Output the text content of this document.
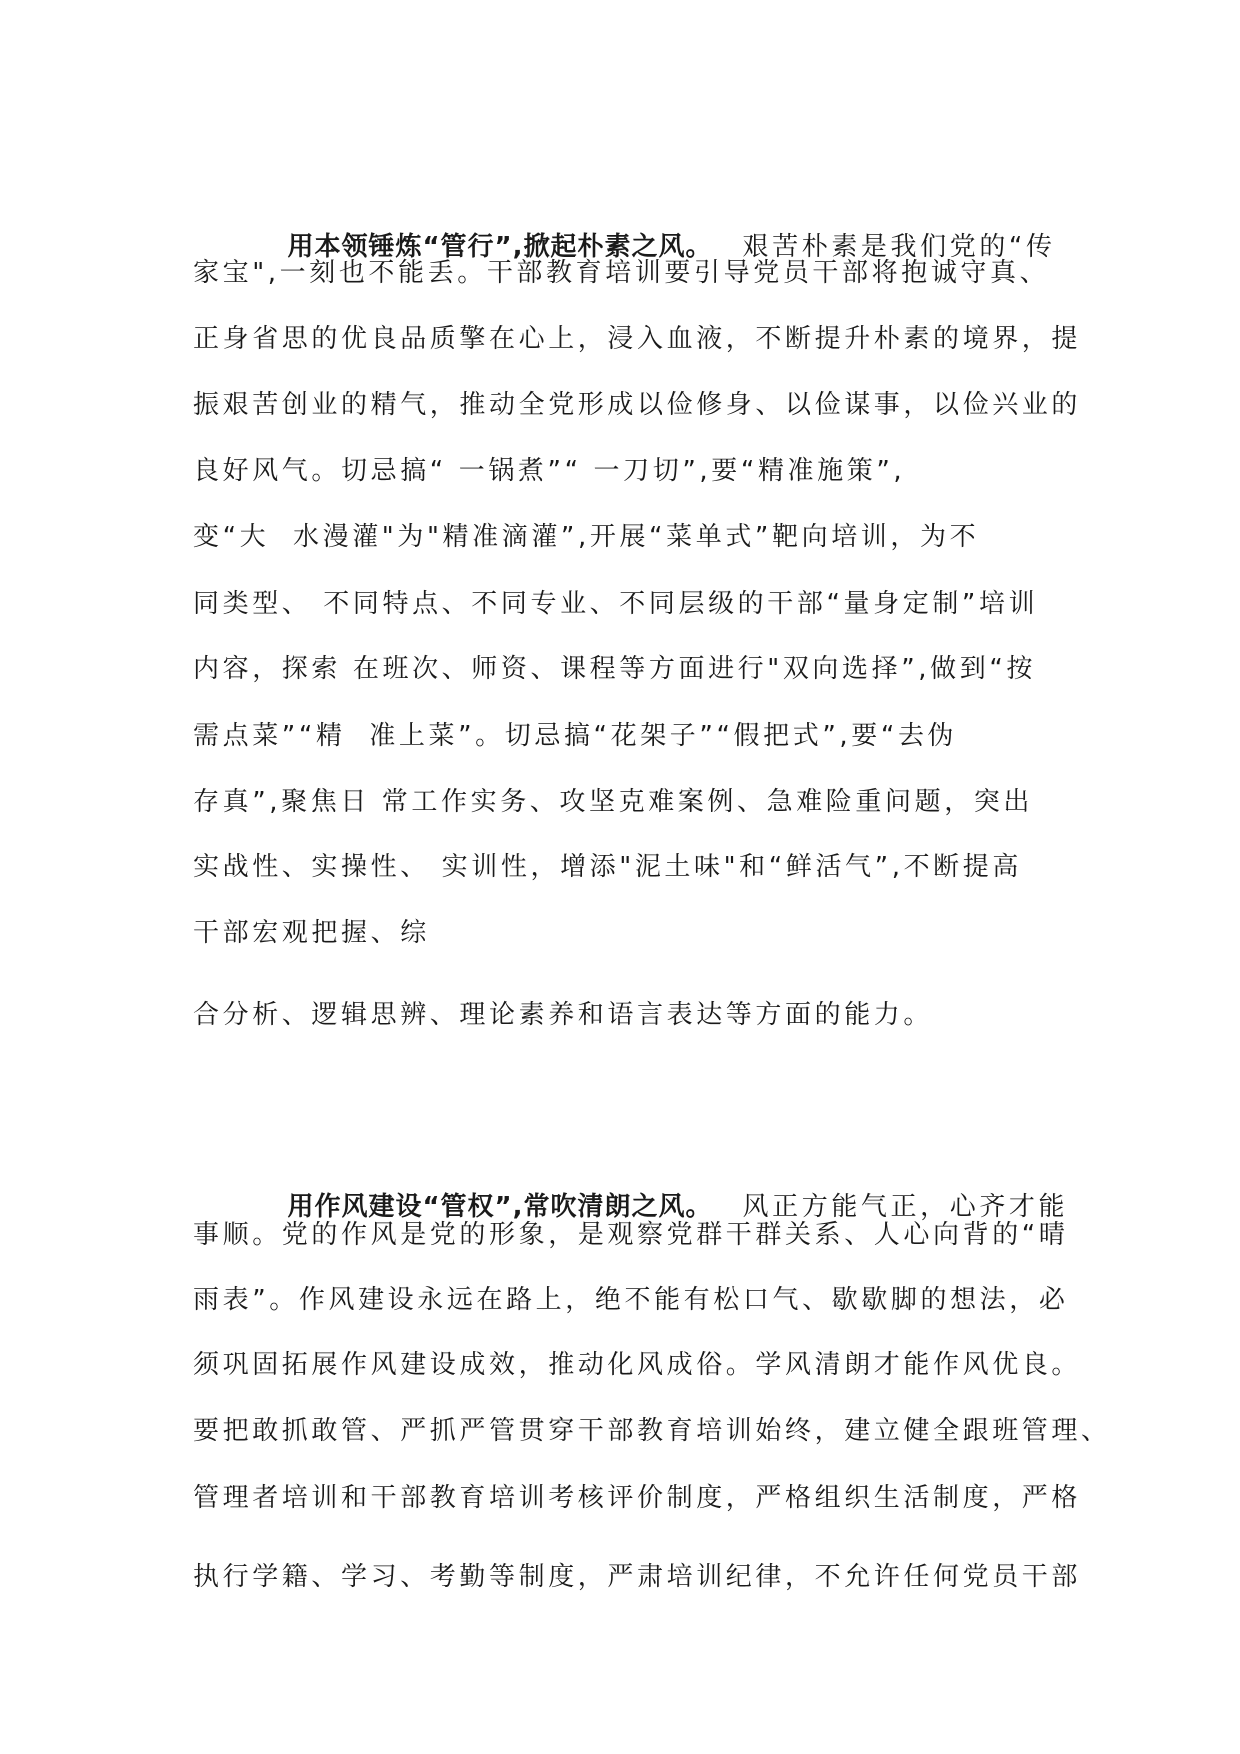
用本领锤炼“管行”,掀起朴素之风。 艰苦朴素是我们党的“传

家宝",一刻也不能丢。干部教育培训要引导党员干部将抱诚守真、
正身省思的优良品质擎在心上，浸入血液，不断提升朴素的境界，提
振艰苦创业的精气，推动全党形成以俭修身、以俭谋事，以俭兴业的
良好风气。切忌搞“ 一锅煮”“ 一刀切”,要“精准施策”,
变“大  水漫灌"为"精准滴灌”,开展“菜单式”靶向培训，为不
同类型、 不同特点、不同专业、不同层级的干部“量身定制”培训
内容，探索 在班次、师资、课程等方面进行"双向选择”,做到“按
需点菜”“精  准上菜”。切忌搞“花架子”“假把式”,要“去伪
存真”,聚焦日 常工作实务、攻坚克难案例、急难险重问题，突出
实战性、实操性、 实训性，增添"泥土味"和“鲜活气”,不断提高
干部宏观把握、综
合分析、逻辑思辨、理论素养和语言表达等方面的能力。

用作风建设“管权”,常吹清朗之风。 风正方能气正，心齐才能

事顺。党的作风是党的形象，是观察党群干群关系、人心向背的“晴
雨表”。作风建设永远在路上，绝不能有松口气、歇歇脚的想法，必
须巩固拓展作风建设成效，推动化风成俗。学风清朗才能作风优良。
要把敢抓敢管、严抓严管贯穿干部教育培训始终，建立健全跟班管理、
管理者培训和干部教育培训考核评价制度，严格组织生活制度，严格
执行学籍、学习、考勤等制度，严肃培训纪律，不允许任何党员干部
